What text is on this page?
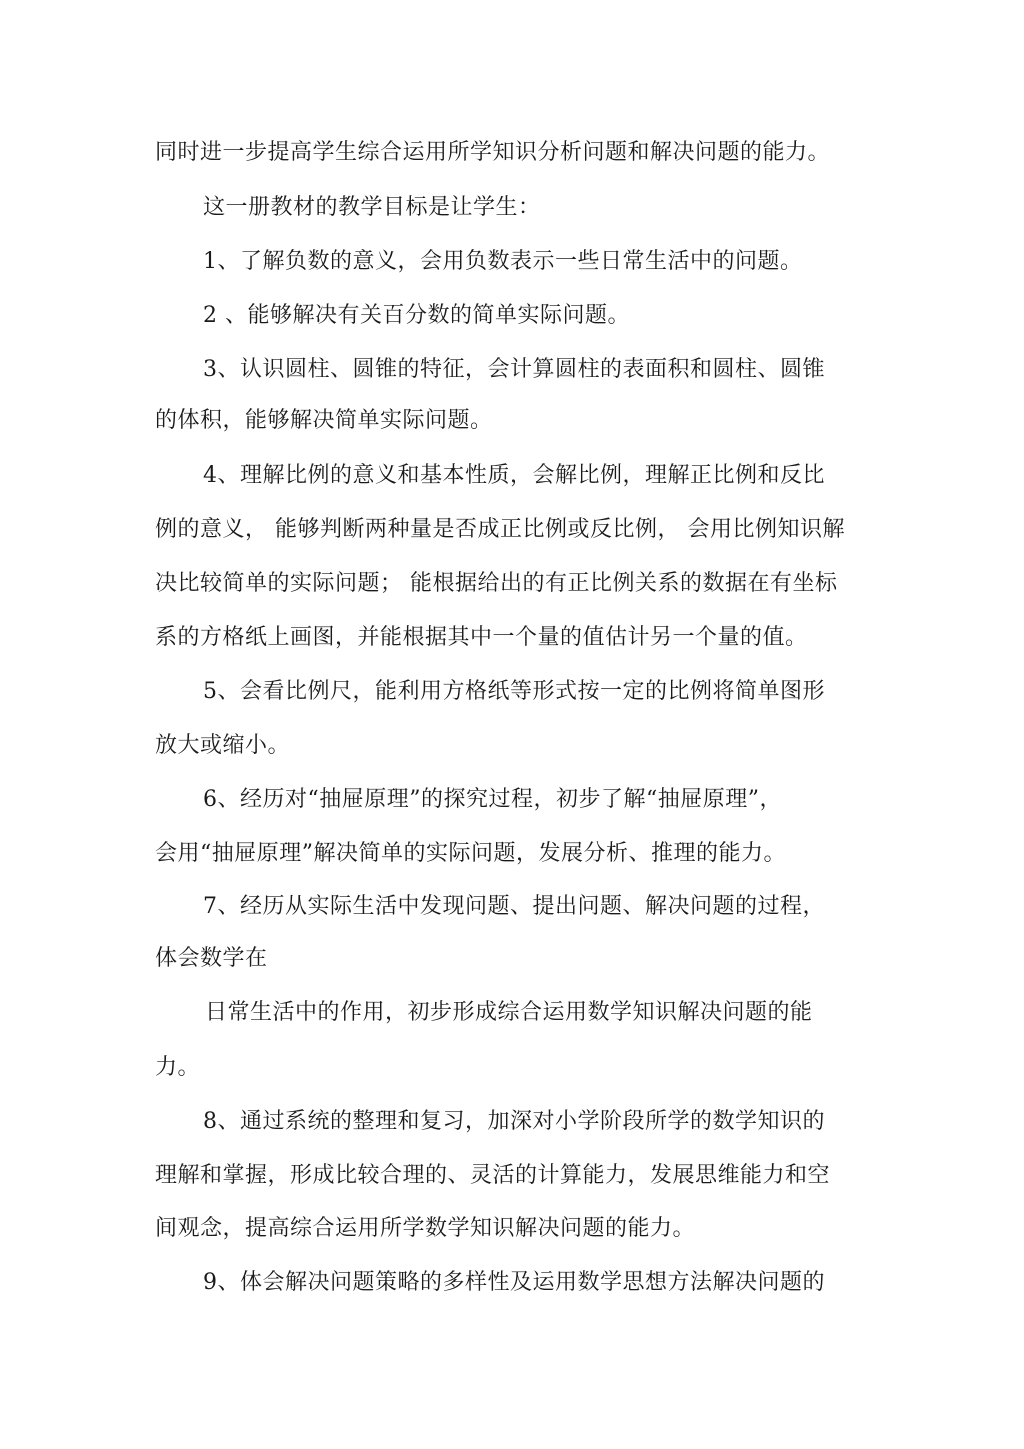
同时进一步提高学生综合运用所学知识分析问题和解决问题的能力。
这一册教材的教学目标是让学生：
1、了解负数的意义，会用负数表示一些日常生活中的问题。
2 、能够解决有关百分数的简单实际问题。
3、认识圆柱、圆锥的特征，会计算圆柱的表面积和圆柱、圆锥
的体积，能够解决简单实际问题。
4、理解比例的意义和基本性质，会解比例，理解正比例和反比
例的意义， 能够判断两种量是否成正比例或反比例， 会用比例知识解
决比较简单的实际问题； 能根据给出的有正比例关系的数据在有坐标
系的方格纸上画图，并能根据其中一个量的值估计另一个量的值。
5、会看比例尺，能利用方格纸等形式按一定的比例将简单图形
放大或缩小。
6、经历对“抽屉原理”的探究过程，初步了解“抽屉原理”，
会用“抽屉原理”解决简单的实际问题，发展分析、推理的能力。
7、经历从实际生活中发现问题、提出问题、解决问题的过程，
体会数学在
日常生活中的作用，初步形成综合运用数学知识解决问题的能
力。
8、通过系统的整理和复习，加深对小学阶段所学的数学知识的
理解和掌握，形成比较合理的、灵活的计算能力，发展思维能力和空
间观念，提高综合运用所学数学知识解决问题的能力。
9、体会解决问题策略的多样性及运用数学思想方法解决问题的
